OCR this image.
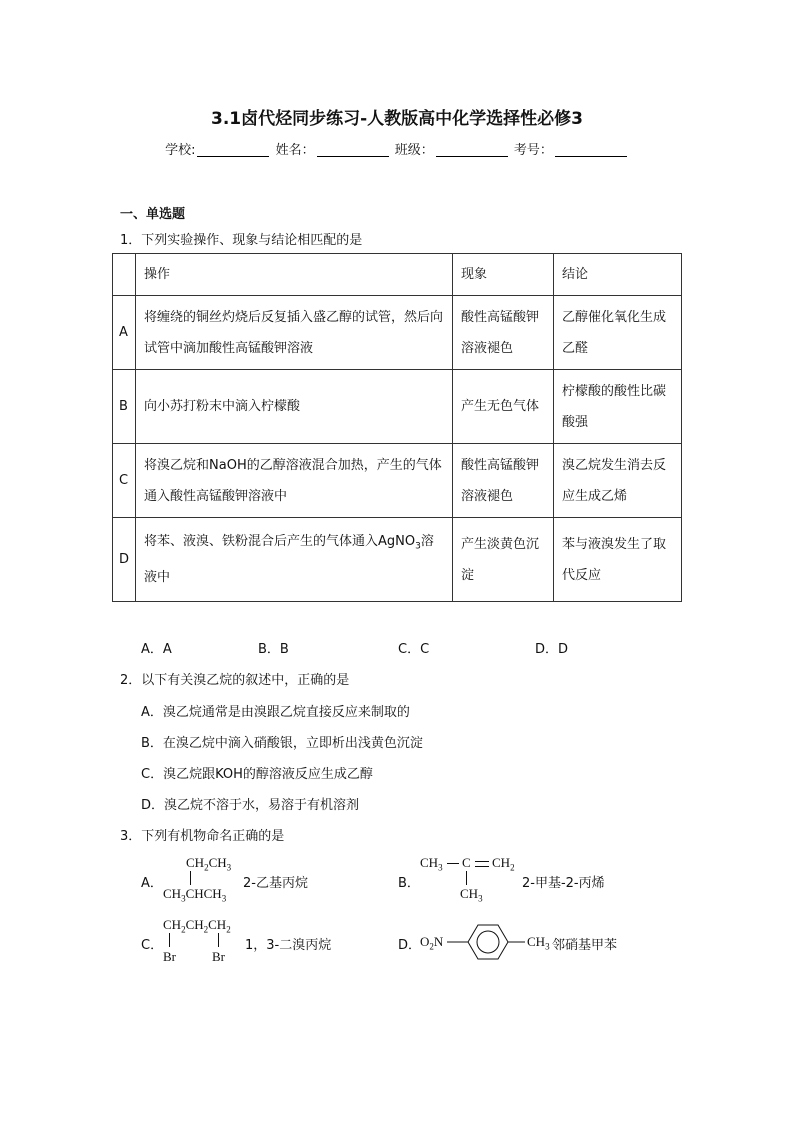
3.1卤代烃同步练习-人教版高中化学选择性必修3
学校:	姓名：	班级：	考号：
一、单选题
1．下列实验操作、现象与结论相匹配的是
	操作	现象	结论
A	将缠绕的铜丝灼烧后反复插入盛乙醇的试管，然后向试管中滴加酸性高锰酸钾溶液	酸性高锰酸钾溶液褪色	乙醇催化氧化生成乙醛
B	向小苏打粉末中滴入柠檬酸	产生无色气体	柠檬酸的酸性比碳酸强
C	将溴乙烷和NaOH的乙醇溶液混合加热，产生的气体通入酸性高锰酸钾溶液中	酸性高锰酸钾溶液褪色	溴乙烷发生消去反应生成乙烯
D	将苯、液溴、铁粉混合后产生的气体通入AgNO$_3$溶液中	产生淡黄色沉淀	苯与液溴发生了取代反应
A．A	B．B	C．C	D．D
2．以下有关溴乙烷的叙述中，正确的是
A．溴乙烷通常是由溴跟乙烷直接反应来制取的
B．在溴乙烷中滴入硝酸银，立即析出浅黄色沉淀
C．溴乙烷跟KOH的醇溶液反应生成乙醇
D．溴乙烷不溶于水，易溶于有机溶剂
3．下列有机物命名正确的是
A．
$CH_2CH_3$
$CH_3CHCH_3$
2-乙基丙烷	B．
$CH_3$ C $CH_2$
$CH_3$
2-甲基-2-丙烯
C．
$CH_2CH_2CH_2$
Br	Br
1，3-二溴丙烷	D．
$O_2N$	$CH_3$ 邻硝基甲苯
